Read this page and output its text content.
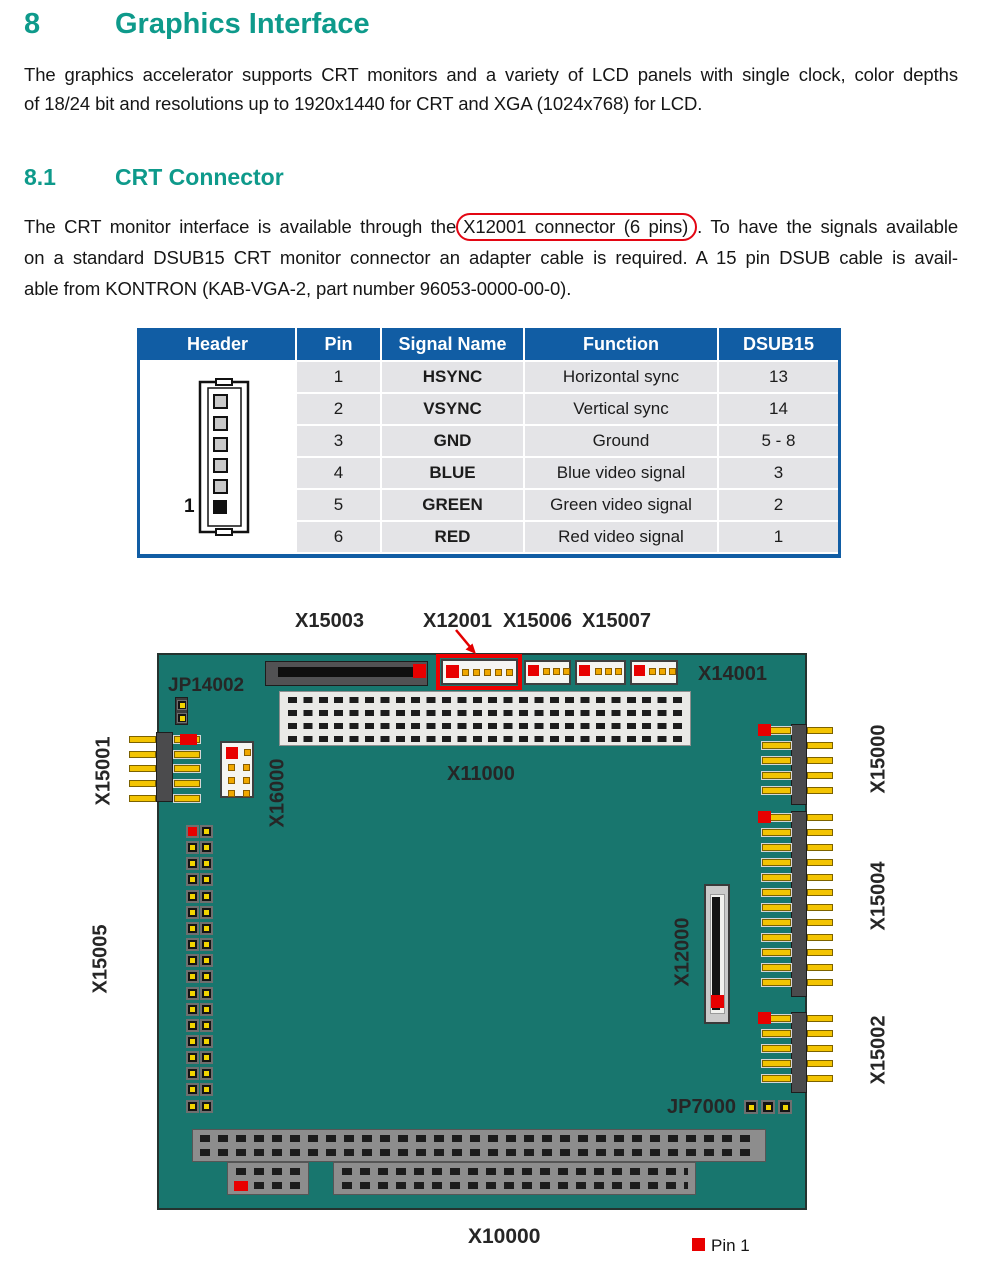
8	Graphics Interface
The graphics accelerator supports CRT monitors and a variety of LCD panels with single clock, color depths
of 18/24 bit and resolutions up to 1920x1440 for CRT and XGA (1024x768) for LCD.
8.1	CRT Connector
The CRT monitor interface is available through the X12001 connector (6 pins) . To have the signals available
on a standard DSUB15 CRT monitor connector an adapter cable is required. A 15 pin DSUB cable is avail-
able from KONTRON (KAB-VGA-2, part number 96053-0000-00-0).
Header	Pin	Signal Name	Function	DSUB15
1
1	HSYNC	Horizontal sync	13
2	VSYNC	Vertical sync	14
3	GND	Ground	5 - 8
4	BLUE	Blue video signal	3
5	GREEN	Green video signal	2
6	RED	Red video signal	1
X15003	X12001 X15006 X15007
X14001
JP14002
X11000
JP7000
X15001	X16000
X15005	X12000
X15000
X15004
X15002
X10000	Pin 1
